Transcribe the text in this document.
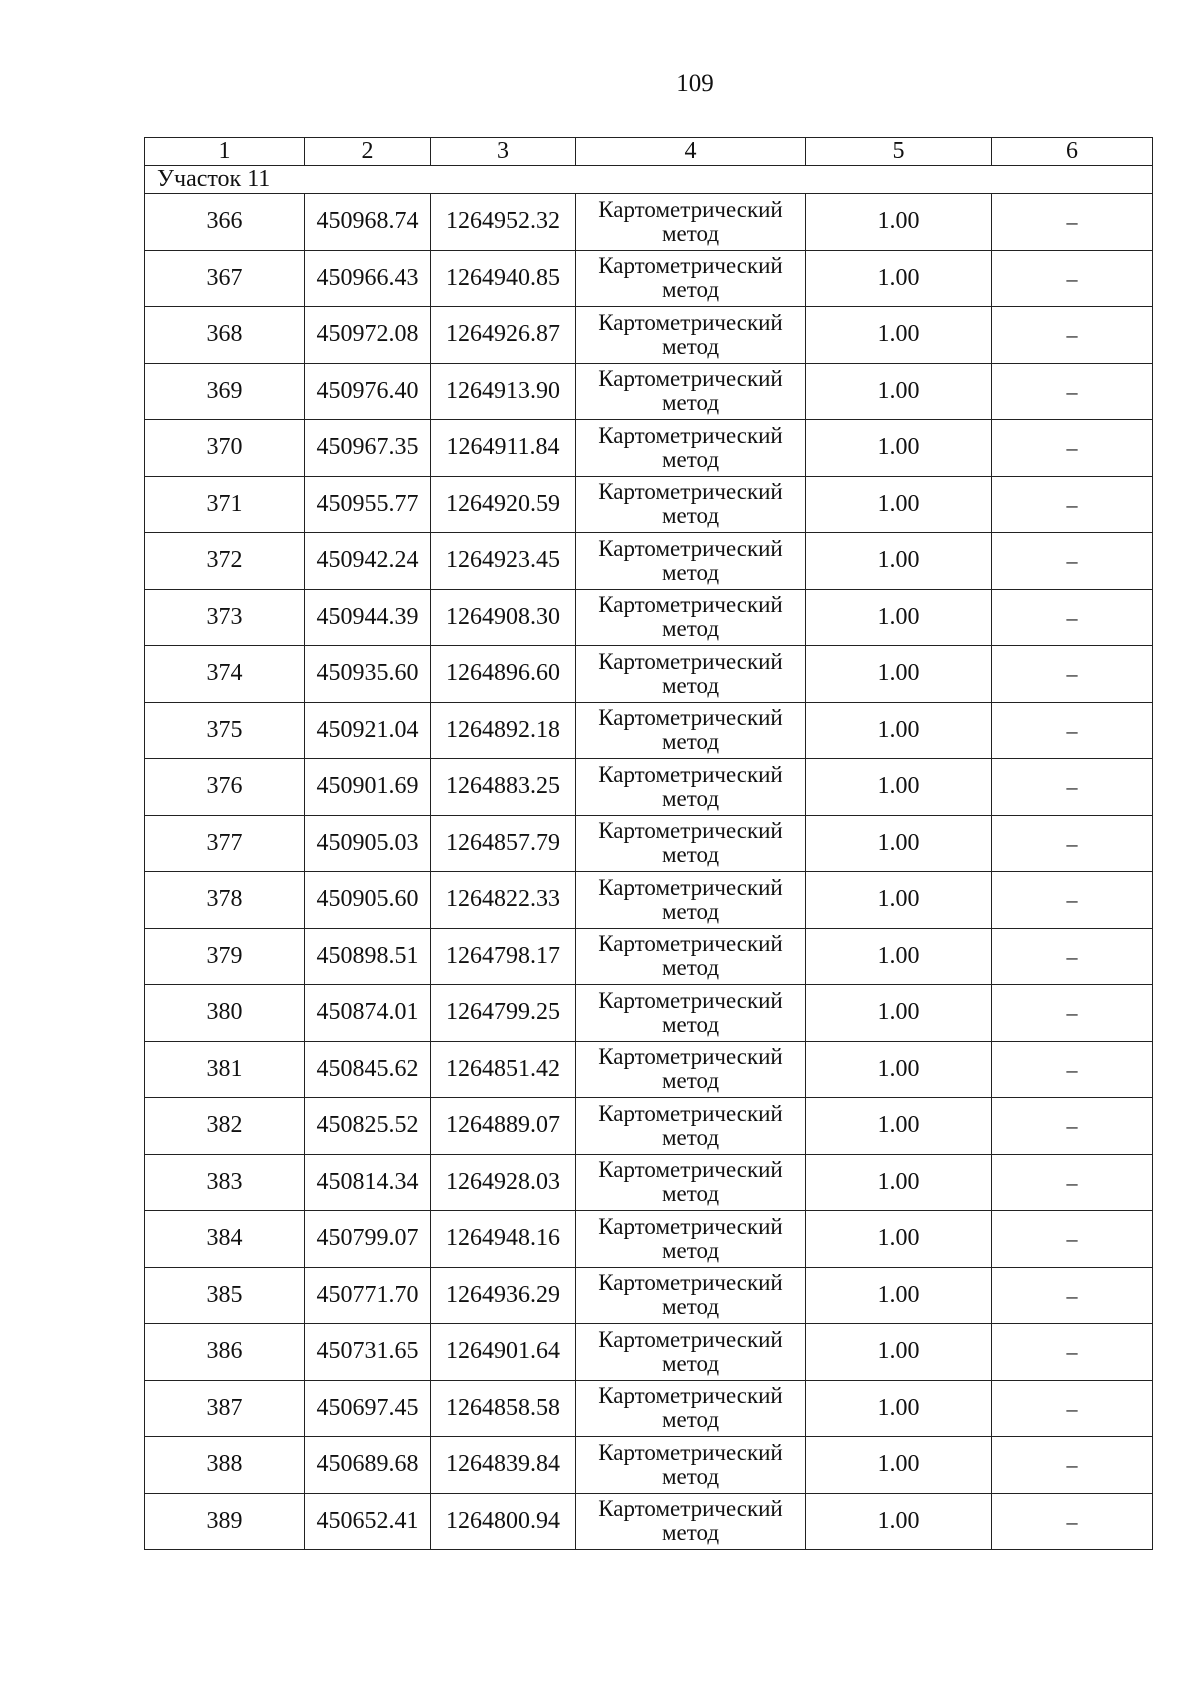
109
1	2	3	4	5	6
Участок 11					
366	450968.74	1264952.32	Картометрический метод	1.00	–
367	450966.43	1264940.85	Картометрический метод	1.00	–
368	450972.08	1264926.87	Картометрический метод	1.00	–
369	450976.40	1264913.90	Картометрический метод	1.00	–
370	450967.35	1264911.84	Картометрический метод	1.00	–
371	450955.77	1264920.59	Картометрический метод	1.00	–
372	450942.24	1264923.45	Картометрический метод	1.00	–
373	450944.39	1264908.30	Картометрический метод	1.00	–
374	450935.60	1264896.60	Картометрический метод	1.00	–
375	450921.04	1264892.18	Картометрический метод	1.00	–
376	450901.69	1264883.25	Картометрический метод	1.00	–
377	450905.03	1264857.79	Картометрический метод	1.00	–
378	450905.60	1264822.33	Картометрический метод	1.00	–
379	450898.51	1264798.17	Картометрический метод	1.00	–
380	450874.01	1264799.25	Картометрический метод	1.00	–
381	450845.62	1264851.42	Картометрический метод	1.00	–
382	450825.52	1264889.07	Картометрический метод	1.00	–
383	450814.34	1264928.03	Картометрический метод	1.00	–
384	450799.07	1264948.16	Картометрический метод	1.00	–
385	450771.70	1264936.29	Картометрический метод	1.00	–
386	450731.65	1264901.64	Картометрический метод	1.00	–
387	450697.45	1264858.58	Картометрический метод	1.00	–
388	450689.68	1264839.84	Картометрический метод	1.00	–
389	450652.41	1264800.94	Картометрический метод	1.00	–
